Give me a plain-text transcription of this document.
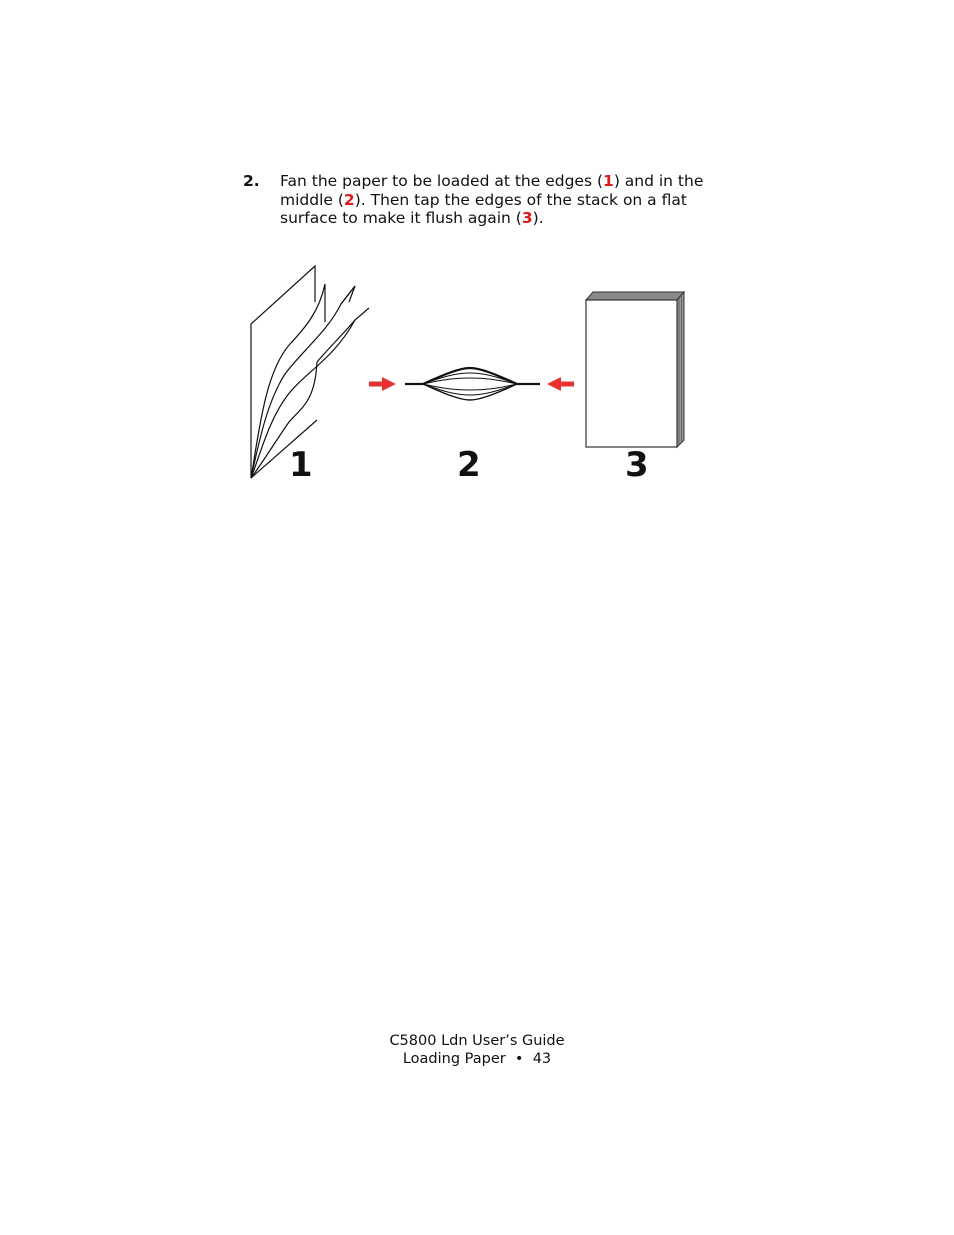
2. Fan the paper to be loaded at the edges (1) and in the middle (2). Then tap the edges of the stack on a flat surface to make it flush again (3).
1	2	3
C5800 Ldn User’s Guide
Loading Paper  •  43
